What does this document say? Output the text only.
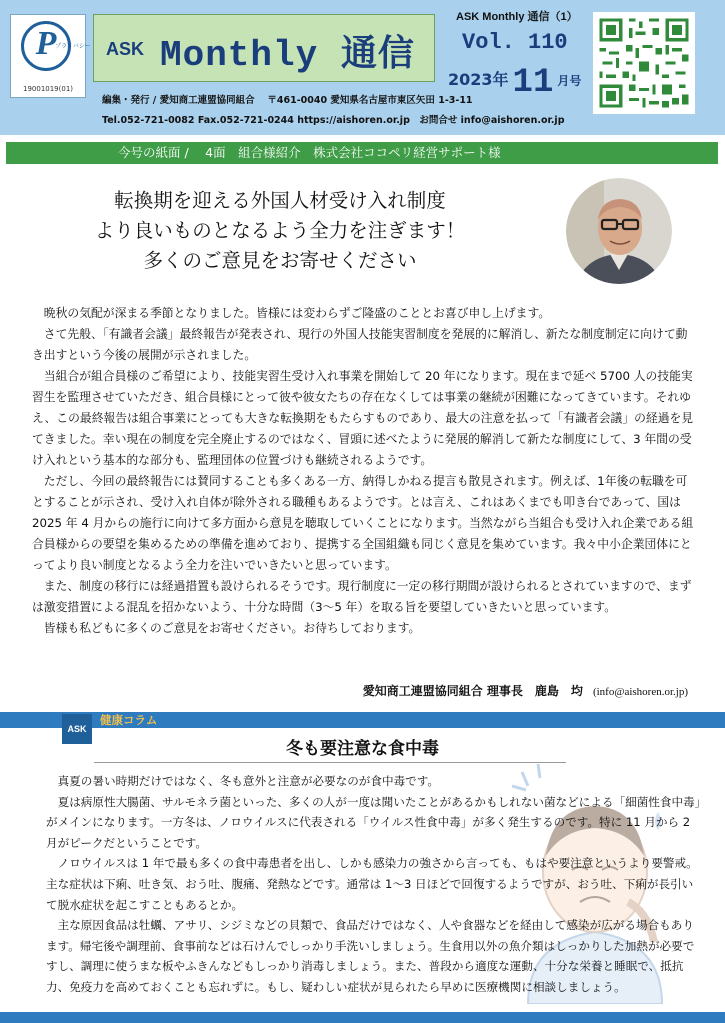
P
プライバシー
19001019(01)
ASK Monthly 通信
ASK Monthly 通信（1）
Vol. 110
2023年 11 月号
編集・発行 / 愛知商工連盟協同組合　 〒461-0040 愛知県名古屋市東区矢田 1-3-11
Tel.052-721-0082 Fax.052-721-0244 https://aishoren.or.jp　お問合せ info@aishoren.or.jp
今号の紙面 /　 4面　組合様紹介　株式会社ココペリ経営サポート様
転換期を迎える外国人材受け入れ制度
より良いものとなるよう全力を注ぎます！
多くのご意見をお寄せください

晩秋の気配が深まる季節となりました。皆様には変わらずご隆盛のこととお喜び申し上げます。

さて先般、「有識者会議」最終報告が発表され、現行の外国人技能実習制度を発展的に解消し、新たな制度制定に向けて動き出すという今後の展開が示されました。

当組合が組合員様のご希望により、技能実習生受け入れ事業を開始して 20 年になります。現在まで延べ 5700 人の技能実習生を監理させていただき、組合員様にとって彼や彼女たちの存在なくしては事業の継続が困難になってきています。それゆえ、この最終報告は組合事業にとっても大きな転換期をもたらすものであり、最大の注意を払って「有識者会議」の経過を見てきました。幸い現在の制度を完全廃止するのではなく、冒頭に述べたように発展的解消して新たな制度にして、3 年間の受け入れという基本的な部分も、監理団体の位置づけも継続されるようです。

ただし、今回の最終報告には賛同することも多くある一方、納得しかねる提言も散見されます。例えば、1年後の転職を可とすることが示され、受け入れ自体が除外される職種もあるようです。とは言え、これはあくまでも叩き台であって、国は 2025 年 4 月からの施行に向けて多方面から意見を聴取していくことになります。当然ながら当組合も受け入れ企業である組合員様からの要望を集めるための準備を進めており、提携する全国組織も同じく意見を集めています。我々中小企業団体にとってより良い制度となるよう全力を注いでいきたいと思っています。

また、制度の移行には経過措置も設けられるそうです。現行制度に一定の移行期間が設けられるとされていますので、まずは激変措置による混乱を招かないよう、十分な時間（3～5 年）を取る旨を要望していきたいと思っています。

皆様も私どもに多くのご意見をお寄せください。お待ちしております。

愛知商工連盟協同組合 理事長　鹿島　均 (info@aishoren.or.jp)
ASK
健康コラム
冬も要注意な食中毒

真夏の暑い時期だけではなく、冬も意外と注意が必要なのが食中毒です。

夏は病原性大腸菌、サルモネラ菌といった、多くの人が一度は聞いたことがあるかもしれない菌などによる「細菌性食中毒」がメインになります。一方冬は、ノロウイルスに代表される「ウイルス性食中毒」が多く発生するのです。特に 11 月から 2 月がピークだということです。

ノロウイルスは 1 年で最も多くの食中毒患者を出し、しかも感染力の強さから言っても、もはや要注意というより要警戒。主な症状は下痢、吐き気、おう吐、腹痛、発熱などです。通常は 1～3 日ほどで回復するようですが、おう吐、下痢が長引いて脱水症状を起こすこともあるとか。

主な原因食品は牡蠣、アサリ、シジミなどの貝類で、食品だけではなく、人や食器などを経由して感染が広がる場合もあります。帰宅後や調理前、食事前などは石けんでしっかり手洗いしましょう。生食用以外の魚介類はしっかりした加熱が必要ですし、調理に使うまな板やふきんなどもしっかり消毒しましょう。また、普段から適度な運動、十分な栄養と睡眠で、抵抗力、免疫力を高めておくことも忘れずに。もし、疑わしい症状が見られたら早めに医療機関に相談しましょう。
